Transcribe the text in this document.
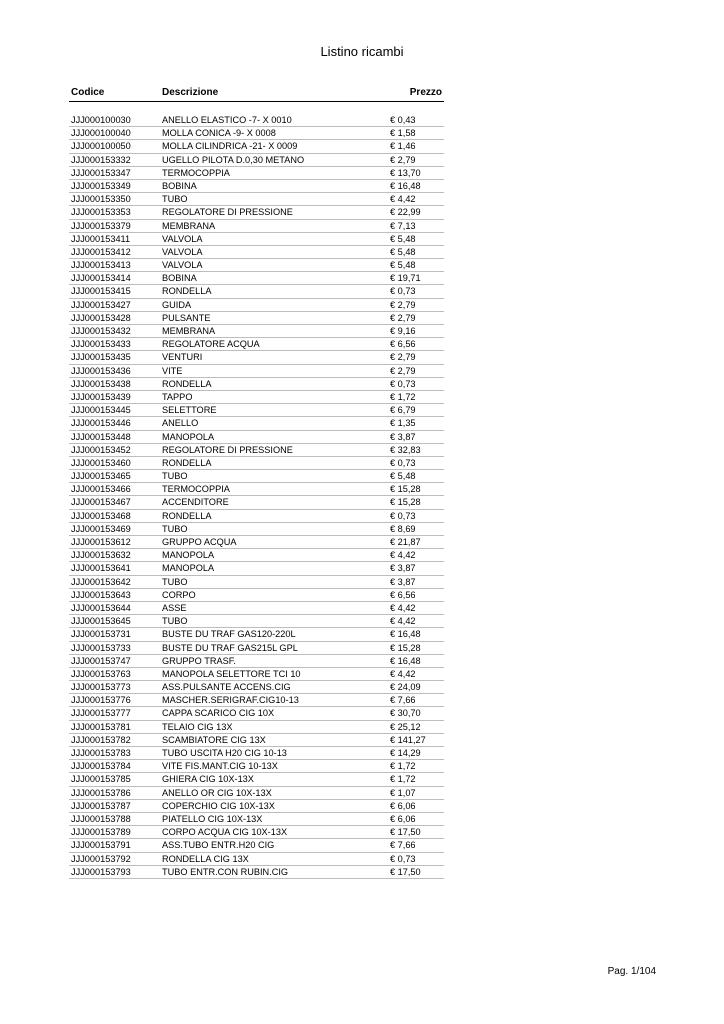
Listino ricambi
Codice	Descrizione	Prezzo
JJJ000100030	ANELLO ELASTICO -7- X 0010	€ 0,43
JJJ000100040	MOLLA CONICA -9- X 0008	€ 1,58
JJJ000100050	MOLLA CILINDRICA -21- X 0009	€ 1,46
JJJ000153332	UGELLO PILOTA D.0,30 METANO	€ 2,79
JJJ000153347	TERMOCOPPIA	€ 13,70
JJJ000153349	BOBINA	€ 16,48
JJJ000153350	TUBO	€ 4,42
JJJ000153353	REGOLATORE DI PRESSIONE	€ 22,99
JJJ000153379	MEMBRANA	€ 7,13
JJJ000153411	VALVOLA	€ 5,48
JJJ000153412	VALVOLA	€ 5,48
JJJ000153413	VALVOLA	€ 5,48
JJJ000153414	BOBINA	€ 19,71
JJJ000153415	RONDELLA	€ 0,73
JJJ000153427	GUIDA	€ 2,79
JJJ000153428	PULSANTE	€ 2,79
JJJ000153432	MEMBRANA	€ 9,16
JJJ000153433	REGOLATORE ACQUA	€ 6,56
JJJ000153435	VENTURI	€ 2,79
JJJ000153436	VITE	€ 2,79
JJJ000153438	RONDELLA	€ 0,73
JJJ000153439	TAPPO	€ 1,72
JJJ000153445	SELETTORE	€ 6,79
JJJ000153446	ANELLO	€ 1,35
JJJ000153448	MANOPOLA	€ 3,87
JJJ000153452	REGOLATORE DI PRESSIONE	€ 32,83
JJJ000153460	RONDELLA	€ 0,73
JJJ000153465	TUBO	€ 5,48
JJJ000153466	TERMOCOPPIA	€ 15,28
JJJ000153467	ACCENDITORE	€ 15,28
JJJ000153468	RONDELLA	€ 0,73
JJJ000153469	TUBO	€ 8,69
JJJ000153612	GRUPPO ACQUA	€ 21,87
JJJ000153632	MANOPOLA	€ 4,42
JJJ000153641	MANOPOLA	€ 3,87
JJJ000153642	TUBO	€ 3,87
JJJ000153643	CORPO	€ 6,56
JJJ000153644	ASSE	€ 4,42
JJJ000153645	TUBO	€ 4,42
JJJ000153731	BUSTE DU TRAF GAS120-220L	€ 16,48
JJJ000153733	BUSTE DU TRAF GAS215L GPL	€ 15,28
JJJ000153747	GRUPPO TRASF.	€ 16,48
JJJ000153763	MANOPOLA SELETTORE TCI 10	€ 4,42
JJJ000153773	ASS.PULSANTE ACCENS.CIG	€ 24,09
JJJ000153776	MASCHER.SERIGRAF.CIG10-13	€ 7,66
JJJ000153777	CAPPA SCARICO CIG 10X	€ 30,70
JJJ000153781	TELAIO CIG 13X	€ 25,12
JJJ000153782	SCAMBIATORE CIG 13X	€ 141,27
JJJ000153783	TUBO USCITA H20 CIG 10-13	€ 14,29
JJJ000153784	VITE FIS.MANT.CIG 10-13X	€ 1,72
JJJ000153785	GHIERA CIG 10X-13X	€ 1,72
JJJ000153786	ANELLO OR CIG 10X-13X	€ 1,07
JJJ000153787	COPERCHIO CIG 10X-13X	€ 6,06
JJJ000153788	PIATELLO CIG 10X-13X	€ 6,06
JJJ000153789	CORPO ACQUA CIG 10X-13X	€ 17,50
JJJ000153791	ASS.TUBO ENTR.H20 CIG	€ 7,66
JJJ000153792	RONDELLA CIG 13X	€ 0,73
JJJ000153793	TUBO ENTR.CON RUBIN.CIG	€ 17,50
Pag. 1/104
